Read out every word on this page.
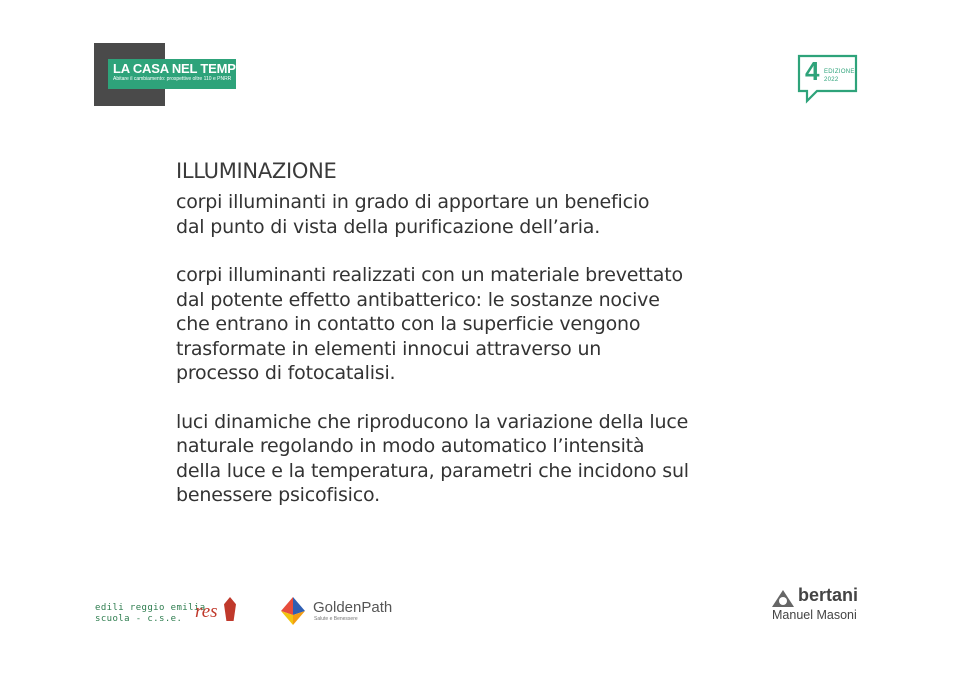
LA CASA NEL TEMPO
Abitare il cambiamento: prospettive oltre 110 e PNRR	4 EDIZIONE
2022
ILLUMINAZIONE

corpi illuminanti in grado di apportare un beneficio
dal punto di vista della purificazione dell’aria.

corpi illuminanti realizzati con un materiale brevettato
dal potente effetto antibatterico: le sostanze nocive
che entrano in contatto con la superficie vengono
trasformate in elementi innocui attraverso un
processo di fotocatalisi.

luci dinamiche che riproducono la variazione della luce
naturale regolando in modo automatico l’intensità
della luce e la temperatura, parametri che incidono sul
benessere psicofisico.

edili reggio emilia
scuola - c.s.e. res	GoldenPath
Salute e Benessere
bertani
Manuel Masoni
